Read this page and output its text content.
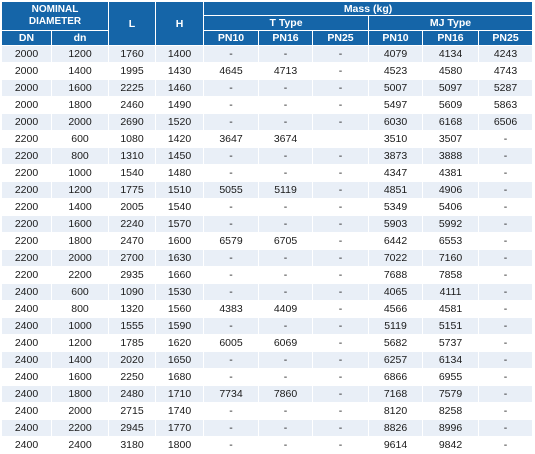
NOMINAL
DIAMETER		L	H	Mass (kg)					
				T Type			MJ Type		
DN	dn			PN10	PN16	PN25	PN10	PN16	PN25
2000	1200	1760	1400	-	-	-	4079	4134	4243
2000	1400	1995	1430	4645	4713	-	4523	4580	4743
2000	1600	2225	1460	-	-	-	5007	5097	5287
2000	1800	2460	1490	-	-	-	5497	5609	5863
2000	2000	2690	1520	-	-	-	6030	6168	6506
2200	600	1080	1420	3647	3674		3510	3507	-
2200	800	1310	1450	-	-	-	3873	3888	-
2200	1000	1540	1480	-	-	-	4347	4381	-
2200	1200	1775	1510	5055	5119	-	4851	4906	-
2200	1400	2005	1540	-	-	-	5349	5406	-
2200	1600	2240	1570	-	-	-	5903	5992	-
2200	1800	2470	1600	6579	6705	-	6442	6553	-
2200	2000	2700	1630	-	-	-	7022	7160	-
2200	2200	2935	1660	-	-	-	7688	7858	-
2400	600	1090	1530	-	-	-	4065	4111	-
2400	800	1320	1560	4383	4409	-	4566	4581	-
2400	1000	1555	1590	-	-	-	5119	5151	-
2400	1200	1785	1620	6005	6069	-	5682	5737	-
2400	1400	2020	1650	-	-	-	6257	6134	-
2400	1600	2250	1680	-	-	-	6866	6955	-
2400	1800	2480	1710	7734	7860	-	7168	7579	-
2400	2000	2715	1740	-	-	-	8120	8258	-
2400	2200	2945	1770	-	-	-	8826	8996	-
2400	2400	3180	1800	-	-	-	9614	9842	-
